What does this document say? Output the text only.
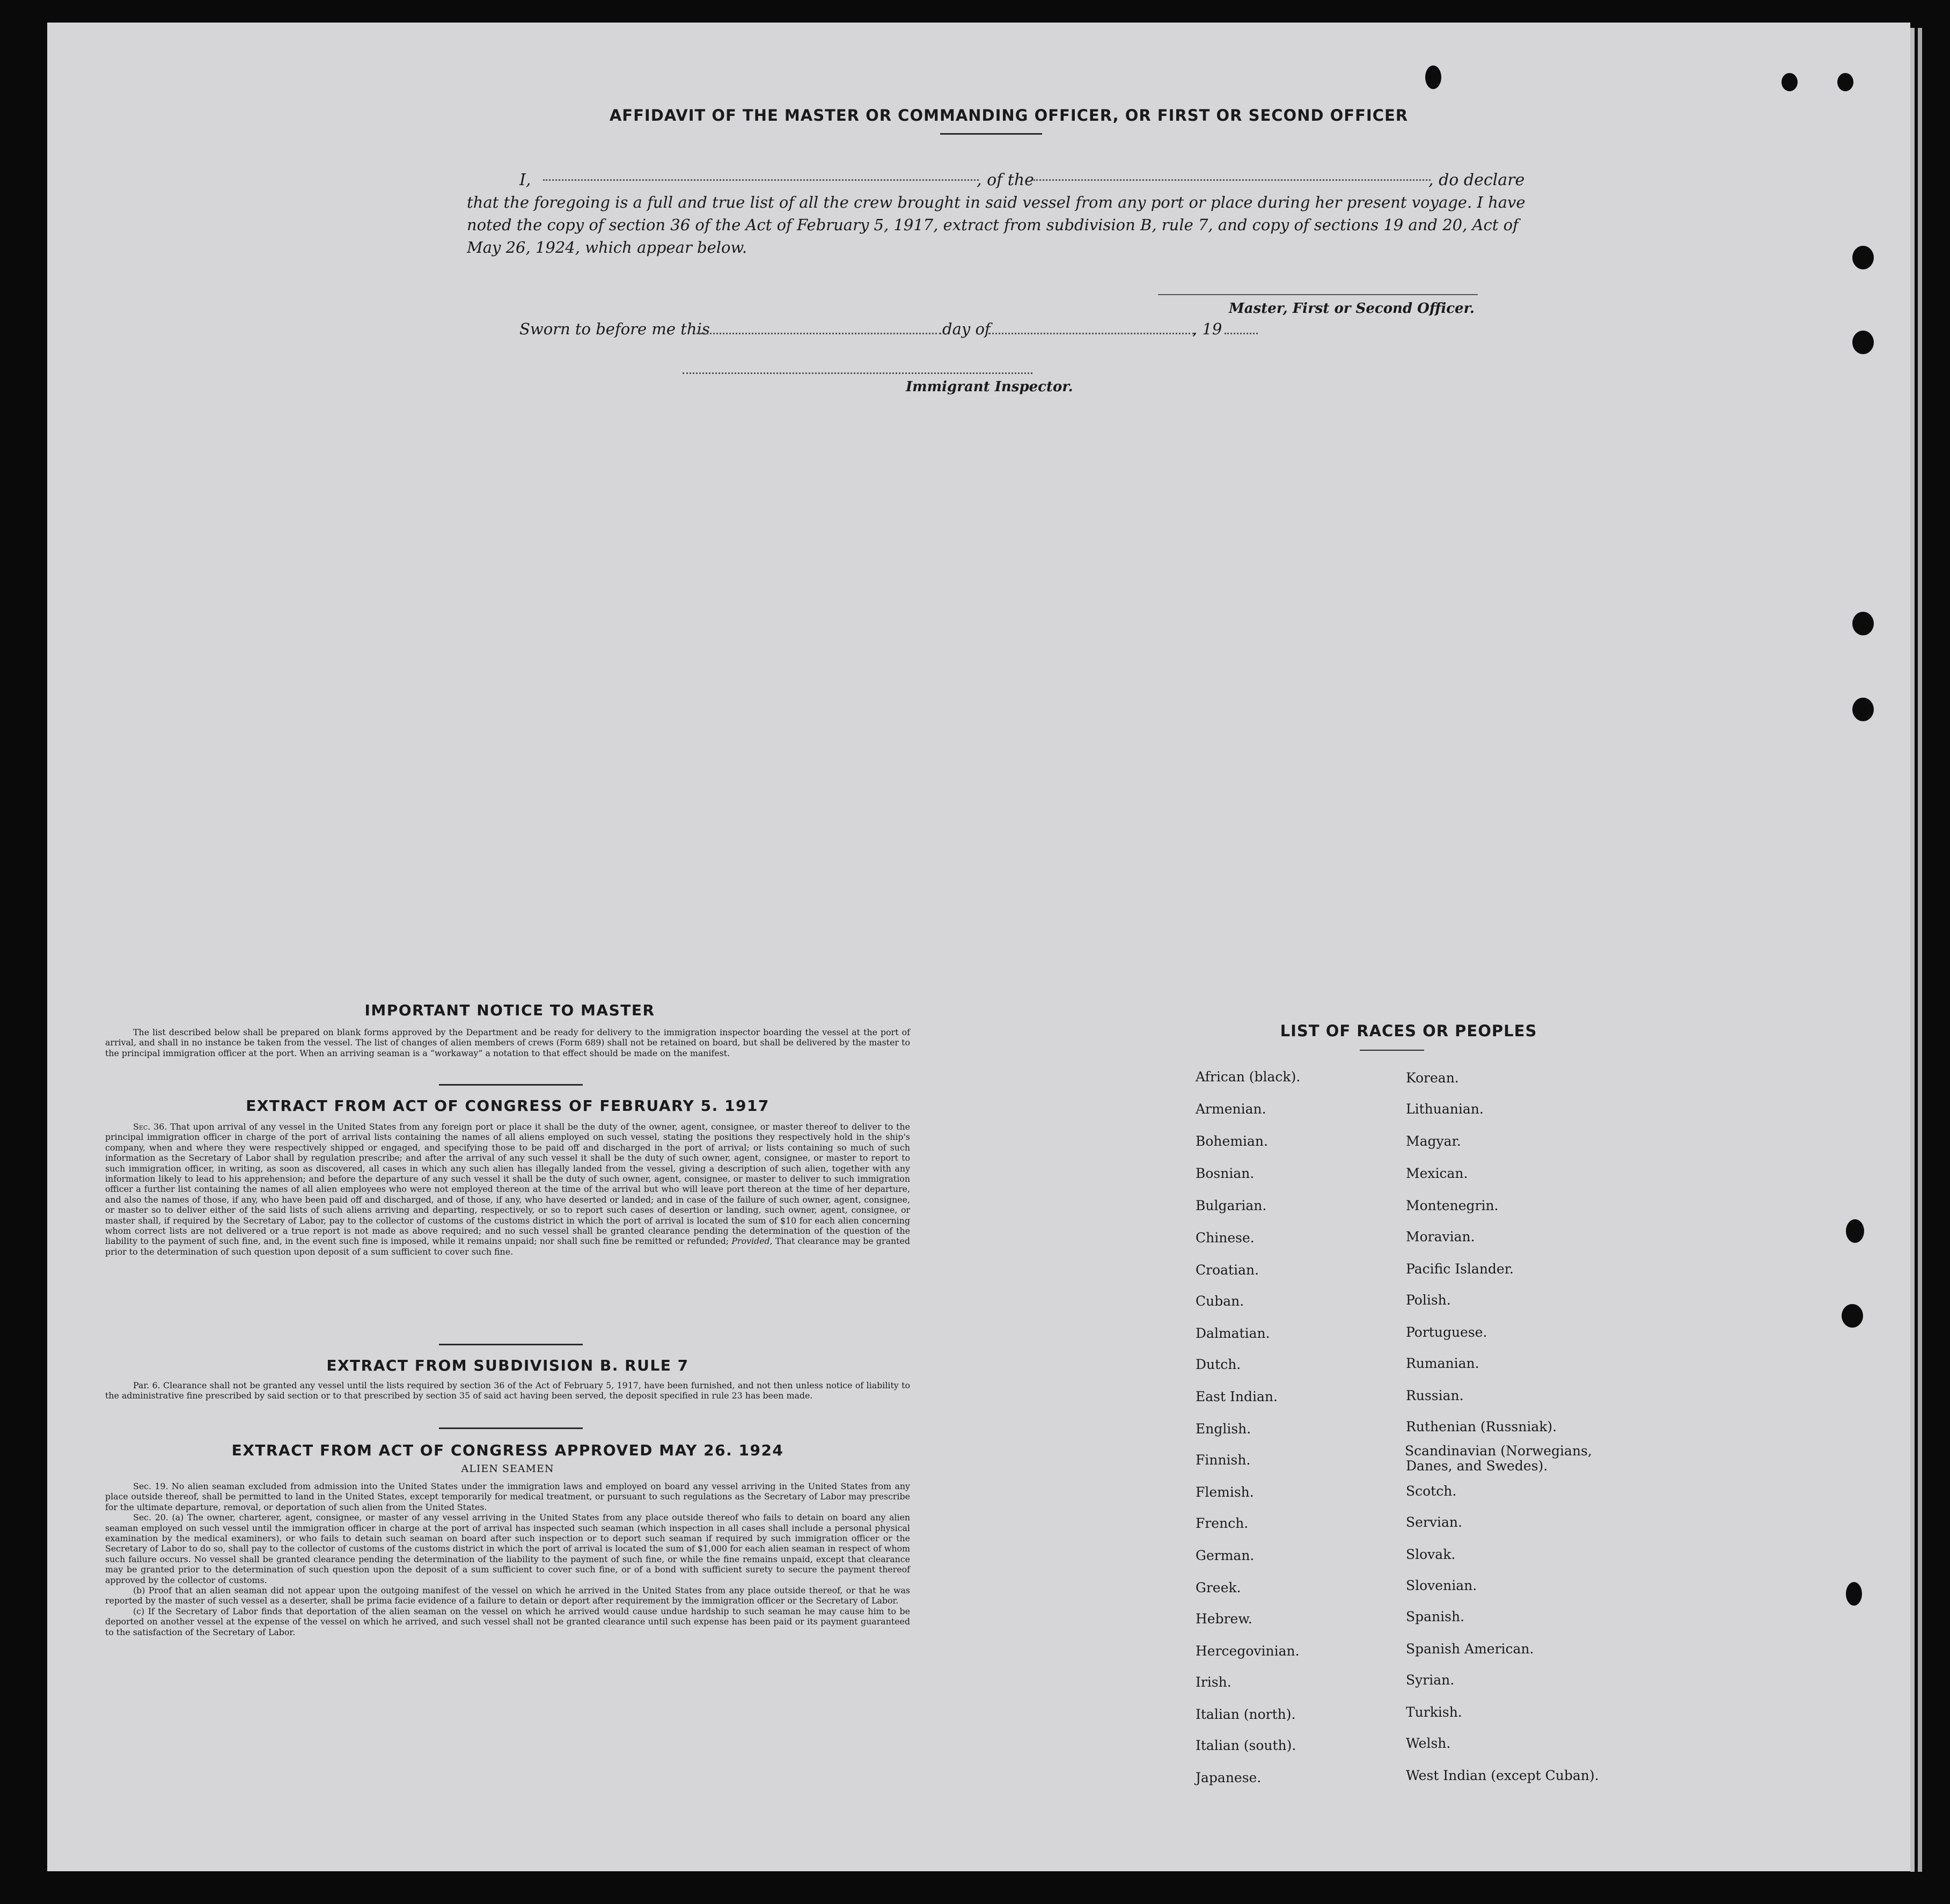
AFFIDAVIT OF THE MASTER OR COMMANDING OFFICER, OR FIRST OR SECOND OFFICER
I,	, of the	, do declare
that the foregoing is a full and true list of all the crew brought in said vessel from any port or place during her present voyage. I have
noted the copy of section 36 of the Act of February 5, 1917, extract from subdivision B, rule 7, and copy of sections 19 and 20, Act of
May 26, 1924, which appear below.
Master, First or Second Officer.
Sworn to before me this	day of	, 19
Immigrant Inspector.
IMPORTANT NOTICE TO MASTER

The list described below shall be prepared on blank forms approved by the Department and be ready for delivery to the immigration inspector boarding the vessel at the port of arrival, and shall in no instance be taken from the vessel. The list of changes of alien members of crews (Form 689) shall not be retained on board, but shall be delivered by the master to the principal immigration officer at the port. When an arriving seaman is a “workaway” a notation to that effect should be made on the manifest.

EXTRACT FROM ACT OF CONGRESS OF FEBRUARY 5. 1917

Sec. 36. That upon arrival of any vessel in the United States from any foreign port or place it shall be the duty of the owner, agent, consignee, or master thereof to deliver to the principal immigration officer in charge of the port of arrival lists containing the names of all aliens employed on such vessel, stating the positions they respectively hold in the ship's company, when and where they were respectively shipped or engaged, and specifying those to be paid off and discharged in the port of arrival; or lists containing so much of such information as the Secretary of Labor shall by regulation prescribe; and after the arrival of any such vessel it shall be the duty of such owner, agent, consignee, or master to report to such immigration officer, in writing, as soon as discovered, all cases in which any such alien has illegally landed from the vessel, giving a description of such alien, together with any information likely to lead to his apprehension; and before the departure of any such vessel it shall be the duty of such owner, agent, consignee, or master to deliver to such immigration officer a further list containing the names of all alien employees who were not employed thereon at the time of the arrival but who will leave port thereon at the time of her departure, and also the names of those, if any, who have been paid off and discharged, and of those, if any, who have deserted or landed; and in case of the failure of such owner, agent, consignee, or master so to deliver either of the said lists of such aliens arriving and departing, respectively, or so to report such cases of desertion or landing, such owner, agent, consignee, or master shall, if required by the Secretary of Labor, pay to the collector of customs of the customs district in which the port of arrival is located the sum of $10 for each alien concerning whom correct lists are not delivered or a true report is not made as above required; and no such vessel shall be granted clearance pending the determination of the question of the liability to the payment of such fine, and, in the event such fine is imposed, while it remains unpaid; nor shall such fine be remitted or refunded; Provided, That clearance may be granted prior to the determination of such question upon deposit of a sum sufficient to cover such fine.

EXTRACT FROM SUBDIVISION B. RULE 7

Par. 6. Clearance shall not be granted any vessel until the lists required by section 36 of the Act of February 5, 1917, have been furnished, and not then unless notice of liability to the administrative fine prescribed by said section or to that prescribed by section 35 of said act having been served, the deposit specified in rule 23 has been made.

EXTRACT FROM ACT OF CONGRESS APPROVED MAY 26. 1924
ALIEN SEAMEN

Sec. 19. No alien seaman excluded from admission into the United States under the immigration laws and employed on board any vessel arriving in the United States from any place outside thereof, shall be permitted to land in the United States, except temporarily for medical treatment, or pursuant to such regulations as the Secretary of Labor may prescribe for the ultimate departure, removal, or deportation of such alien from the United States.

Sec. 20. (a) The owner, charterer, agent, consignee, or master of any vessel arriving in the United States from any place outside thereof who fails to detain on board any alien seaman employed on such vessel until the immigration officer in charge at the port of arrival has inspected such seaman (which inspection in all cases shall include a personal physical examination by the medical examiners), or who fails to detain such seaman on board after such inspection or to deport such seaman if required by such immigration officer or the Secretary of Labor to do so, shall pay to the collector of customs of the customs district in which the port of arrival is located the sum of $1,000 for each alien seaman in respect of whom such failure occurs. No vessel shall be granted clearance pending the determination of the liability to the payment of such fine, or while the fine remains unpaid, except that clearance may be granted prior to the determination of such question upon the deposit of a sum sufficient to cover such fine, or of a bond with sufficient surety to secure the payment thereof approved by the collector of customs.

(b) Proof that an alien seaman did not appear upon the outgoing manifest of the vessel on which he arrived in the United States from any place outside thereof, or that he was reported by the master of such vessel as a deserter, shall be prima facie evidence of a failure to detain or deport after requirement by the immigration officer or the Secretary of Labor.

(c) If the Secretary of Labor finds that deportation of the alien seaman on the vessel on which he arrived would cause undue hardship to such seaman he may cause him to be deported on another vessel at the expense of the vessel on which he arrived, and such vessel shall not be granted clearance until such expense has been paid or its payment guaranteed to the satisfaction of the Secretary of Labor.

LIST OF RACES OR PEOPLES
African (black).
Armenian.
Bohemian.
Bosnian.
Bulgarian.
Chinese.
Croatian.
Cuban.
Dalmatian.
Dutch.
East Indian.
English.
Finnish.
Flemish.
French.
German.
Greek.
Hebrew.
Hercegovinian.
Irish.
Italian (north).
Italian (south).
Japanese.
Korean.
Lithuanian.
Magyar.
Mexican.
Montenegrin.
Moravian.
Pacific Islander.
Polish.
Portuguese.
Rumanian.
Russian.
Ruthenian (Russniak).
Scandinavian (Norwegians, Danes, and Swedes).
Scotch.
Servian.
Slovak.
Slovenian.
Spanish.
Spanish American.
Syrian.
Turkish.
Welsh.
West Indian (except Cuban).
